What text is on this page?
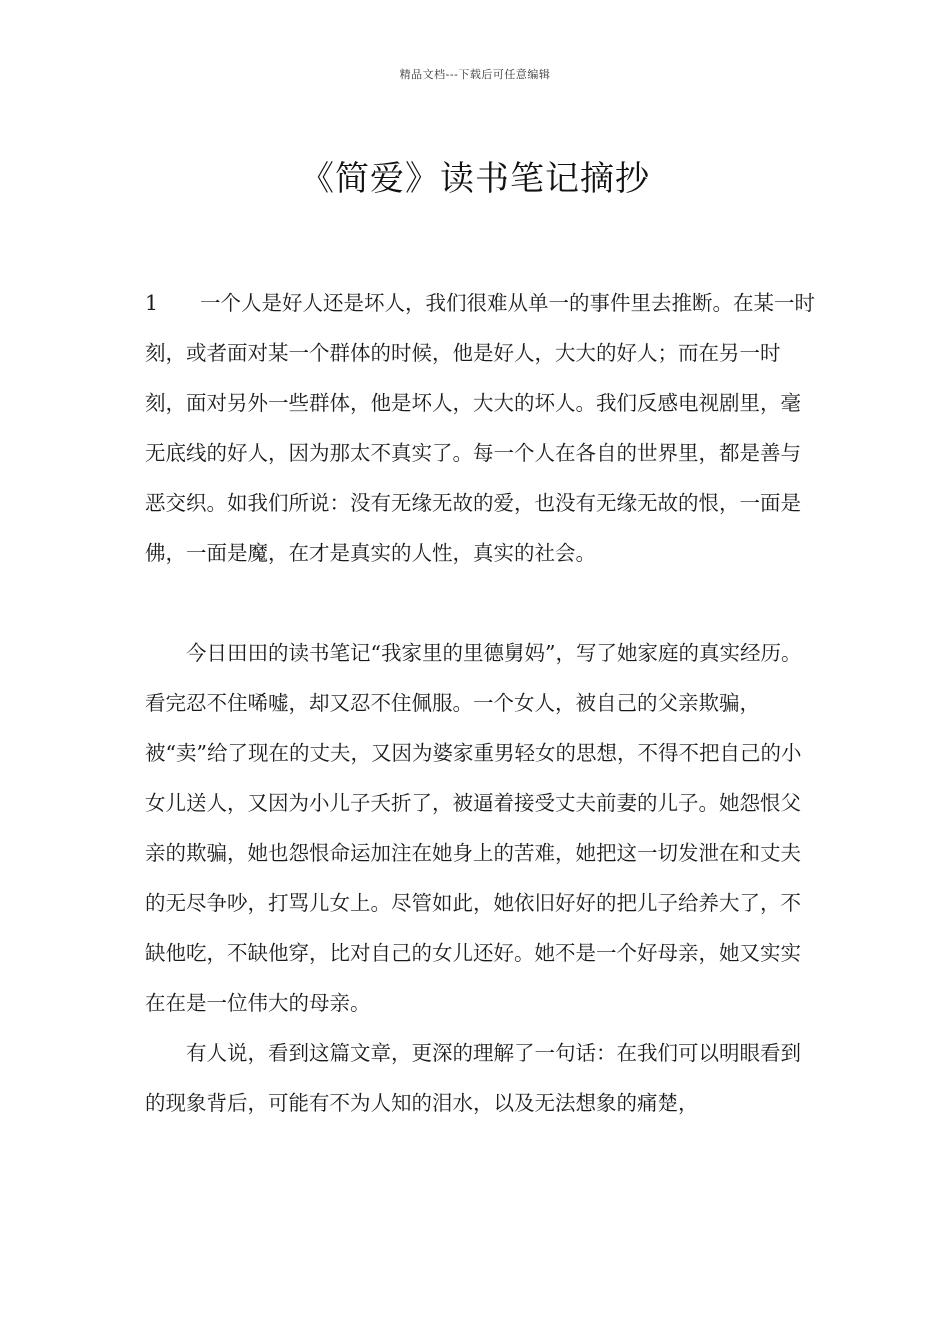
精品文档---下载后可任意编辑
《简爱》读书笔记摘抄

1 一个人是好人还是坏人，我们很难从单一的事件里去推断。在某一时刻，或者面对某一个群体的时候，他是好人，大大的好人；而在另一时刻，面对另外一些群体，他是坏人，大大的坏人。我们反感电视剧里，毫无底线的好人，因为那太不真实了。每一个人在各自的世界里，都是善与恶交织。如我们所说：没有无缘无故的爱，也没有无缘无故的恨，一面是佛，一面是魔，在才是真实的人性，真实的社会。

今日田田的读书笔记“我家里的里德舅妈”，写了她家庭的真实经历。看完忍不住唏嘘，却又忍不住佩服。一个女人，被自己的父亲欺骗，被“卖”给了现在的丈夫，又因为婆家重男轻女的思想，不得不把自己的小女儿送人，又因为小儿子夭折了，被逼着接受丈夫前妻的儿子。她怨恨父亲的欺骗，她也怨恨命运加注在她身上的苦难，她把这一切发泄在和丈夫的无尽争吵，打骂儿女上。尽管如此，她依旧好好的把儿子给养大了，不缺他吃，不缺他穿，比对自己的女儿还好。她不是一个好母亲，她又实实在在是一位伟大的母亲。

有人说，看到这篇文章，更深的理解了一句话：在我们可以明眼看到的现象背后，可能有不为人知的泪水，以及无法想象的痛楚，
